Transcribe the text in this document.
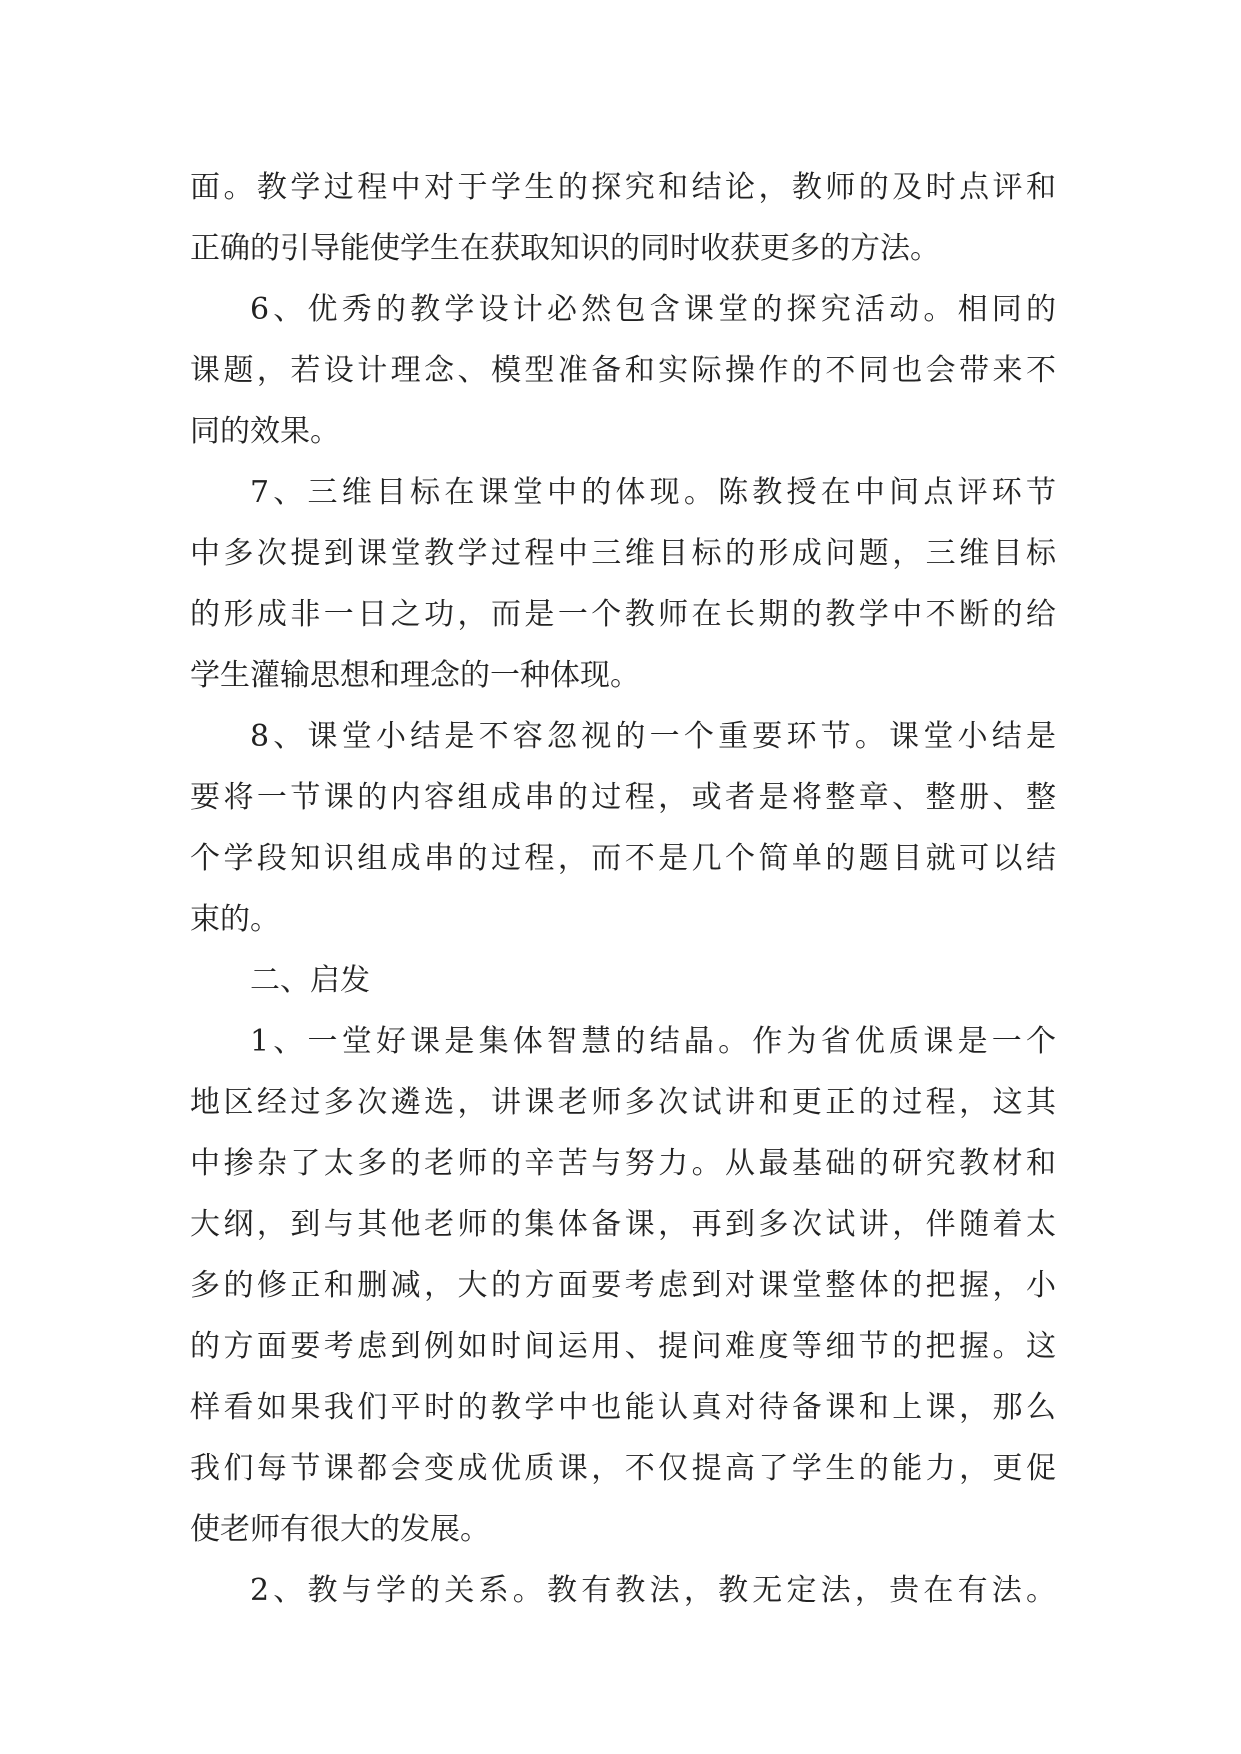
面。教学过程中对于学生的探究和结论，教师的及时点评和
正确的引导能使学生在获取知识的同时收获更多的方法。
6、优秀的教学设计必然包含课堂的探究活动。相同的
课题，若设计理念、模型准备和实际操作的不同也会带来不
同的效果。
7、三维目标在课堂中的体现。陈教授在中间点评环节
中多次提到课堂教学过程中三维目标的形成问题，三维目标
的形成非一日之功，而是一个教师在长期的教学中不断的给
学生灌输思想和理念的一种体现。
8、课堂小结是不容忽视的一个重要环节。课堂小结是
要将一节课的内容组成串的过程，或者是将整章、整册、整
个学段知识组成串的过程，而不是几个简单的题目就可以结
束的。
二、启发
1、一堂好课是集体智慧的结晶。作为省优质课是一个
地区经过多次遴选，讲课老师多次试讲和更正的过程，这其
中掺杂了太多的老师的辛苦与努力。从最基础的研究教材和
大纲，到与其他老师的集体备课，再到多次试讲，伴随着太
多的修正和删减，大的方面要考虑到对课堂整体的把握，小
的方面要考虑到例如时间运用、提问难度等细节的把握。这
样看如果我们平时的教学中也能认真对待备课和上课，那么
我们每节课都会变成优质课，不仅提高了学生的能力，更促
使老师有很大的发展。
2、教与学的关系。教有教法，教无定法，贵在有法。
